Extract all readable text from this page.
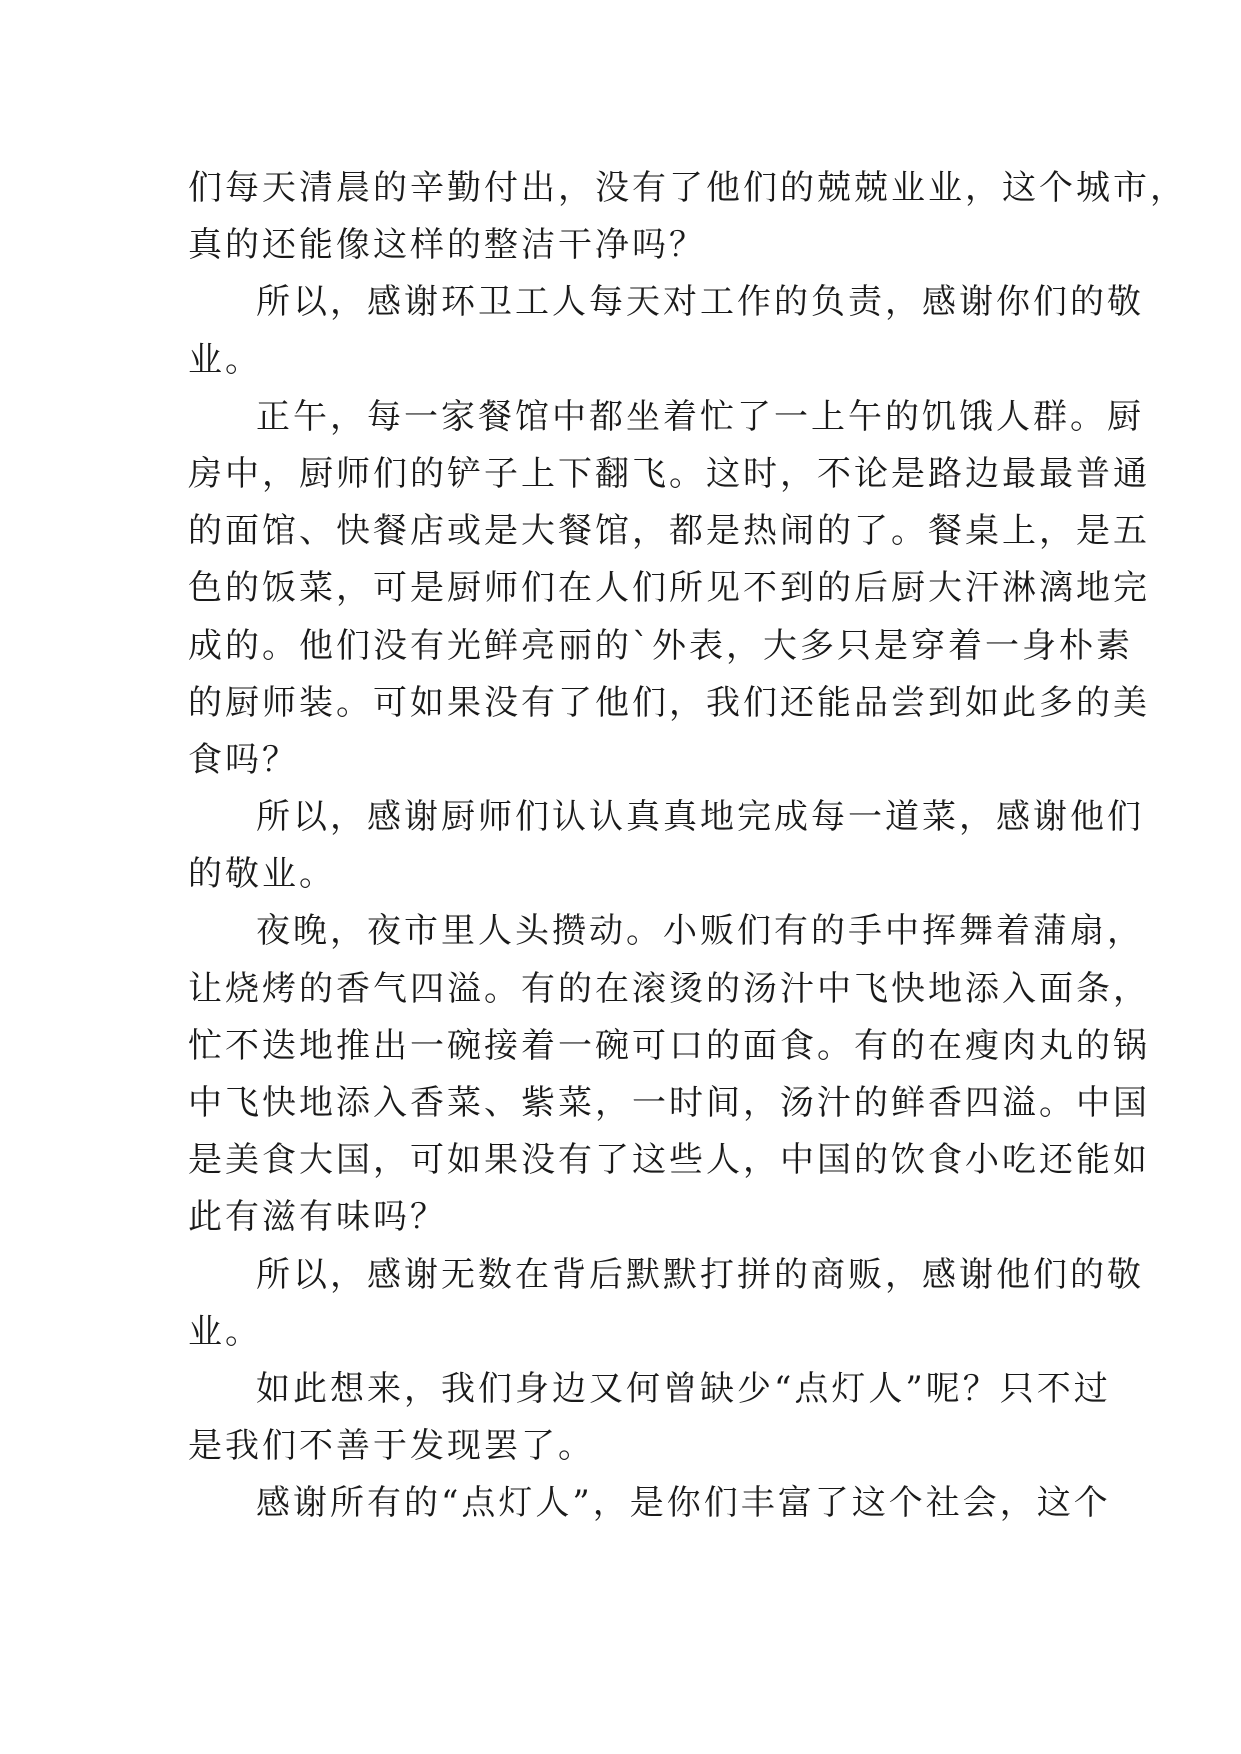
们每天清晨的辛勤付出，没有了他们的兢兢业业，这个城市，
真的还能像这样的整洁干净吗？
所以，感谢环卫工人每天对工作的负责，感谢你们的敬
业。
正午，每一家餐馆中都坐着忙了一上午的饥饿人群。厨
房中，厨师们的铲子上下翻飞。这时，不论是路边最最普通
的面馆、快餐店或是大餐馆，都是热闹的了。餐桌上，是五
色的饭菜，可是厨师们在人们所见不到的后厨大汗淋漓地完
成的。他们没有光鲜亮丽的`外表，大多只是穿着一身朴素
的厨师装。可如果没有了他们，我们还能品尝到如此多的美
食吗？
所以，感谢厨师们认认真真地完成每一道菜，感谢他们
的敬业。
夜晚，夜市里人头攒动。小贩们有的手中挥舞着蒲扇，
让烧烤的香气四溢。有的在滚烫的汤汁中飞快地添入面条，
忙不迭地推出一碗接着一碗可口的面食。有的在瘦肉丸的锅
中飞快地添入香菜、紫菜，一时间，汤汁的鲜香四溢。中国
是美食大国，可如果没有了这些人，中国的饮食小吃还能如
此有滋有味吗？
所以，感谢无数在背后默默打拼的商贩，感谢他们的敬
业。
如此想来，我们身边又何曾缺少“点灯人”呢？只不过
是我们不善于发现罢了。
感谢所有的“点灯人”，是你们丰富了这个社会，这个
